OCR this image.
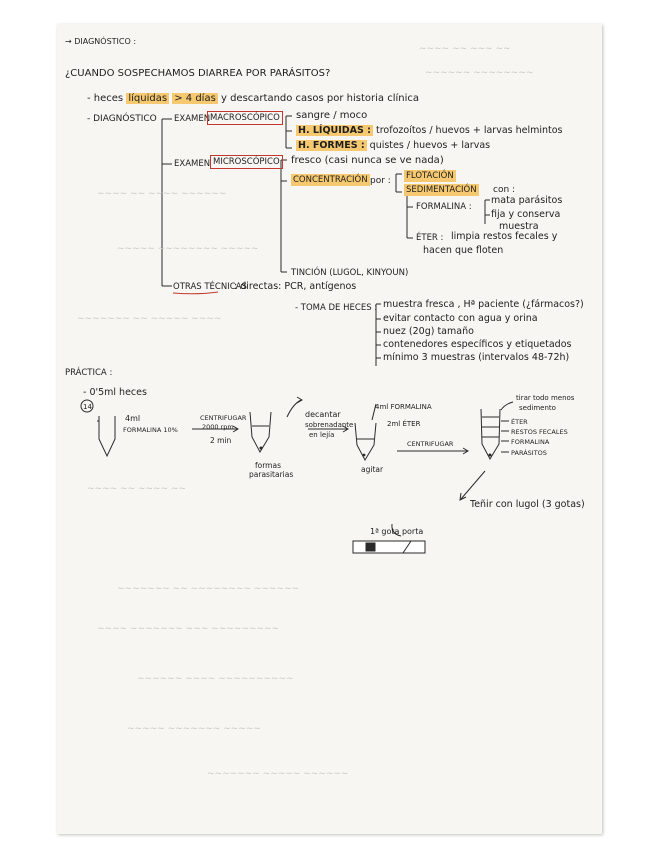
~~~~ ~~ ~~~ ~~
~~~~~~ ~~~~~~~~
~~~~ ~~ ~~~~ ~~~~~~
~~~~~ ~~~~~~~~ ~~~~~
~~~~~~~ ~~ ~~~~~ ~~~~
~~~~ ~~ ~~~~ ~~
~~~~~~~ ~~ ~~~~~~~~ ~~~~~~
~~~~ ~~~~~~~ ~~~ ~~~~~~~~~
~~~~~~ ~~~~ ~~~~~~~~~~
~~~~~ ~~~~~~~ ~~~~~
~~~~~~~ ~~~~~ ~~~~~~
→ DIAGNÓSTICO :
¿CUANDO SOSPECHAMOS DIARREA POR PARÁSITOS?
- heces líquidas > 4 días y descartando casos por historia clínica
- DIAGNÓSTICO EXAMEN MACROSCÓPICO	sangre / moco
H. LÍQUIDAS : trofozoítos / huevos + larvas helmintos
H. FORMES : quistes / huevos + larvas
EXAMEN MICROSCÓPICO	fresco (casi nunca se ve nada)
CONCENTRACIÓN por : FLOTACIÓN
SEDIMENTACIÓN con :
FORMALINA :
mata parásitos
fija y conserva
muestra
ÉTER : limpia restos fecales y
hacen que floten
TINCIÓN (LUGOL, KINYOUN)
OTRAS TÉCNICAS
: directas: PCR, antígenos
- TOMA DE HECES : muestra fresca , Hª paciente (¿fármacos?)
evitar contacto con agua y orina
nuez (20g) tamaño
contenedores específicos y etiquetados
mínimo 3 muestras (intervalos 48-72h)
PRÁCTICA :
- 0'5ml heces
14
4ml
FORMALINA 10%
CENTRIFUGAR
2000 rpm
2 min
decantar
sobrenadante
en lejía
formas
parasitarias
4ml FORMALINA
2ml ÉTER
agitar
CENTRIFUGAR
tirar todo menos
sedimento
ÉTER
RESTOS FECALES
FORMALINA
PARÁSITOS
Teñir con lugol (3 gotas)
1ª gota porta
